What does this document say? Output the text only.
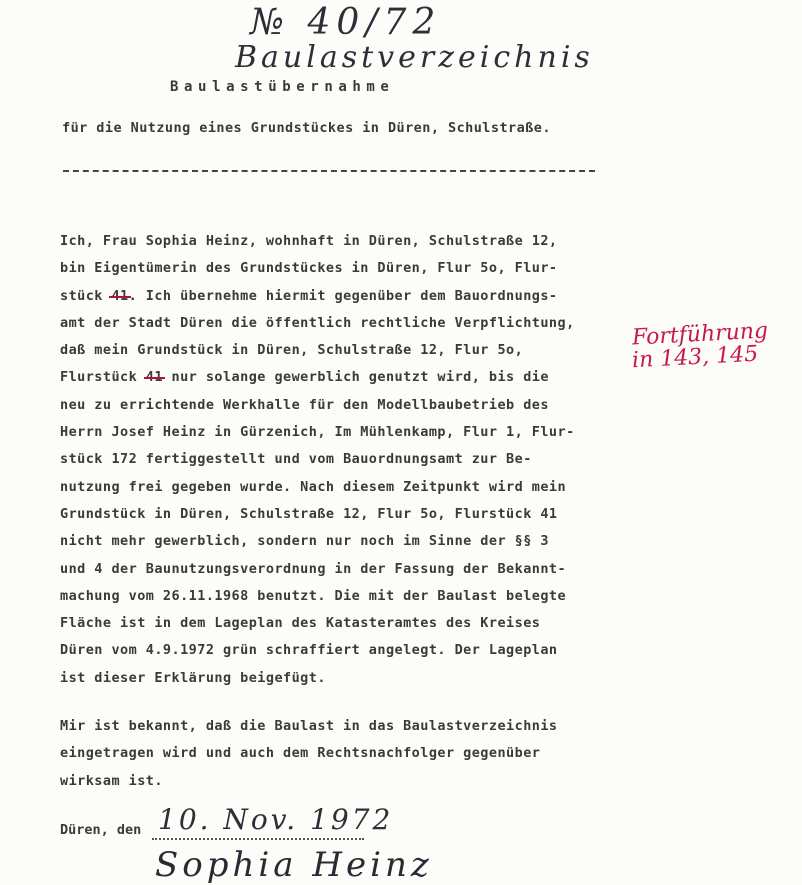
№ 40/72
Baulastverzeichnis
Baulastübernahme
für die Nutzung eines Grundstückes in Düren, Schulstraße.
Ich, Frau Sophia Heinz, wohnhaft in Düren, Schulstraße 12,
bin Eigentümerin des Grundstückes in Düren, Flur 5o, Flur-
stück 41. Ich übernehme hiermit gegenüber dem Bauordnungs-
amt der Stadt Düren die öffentlich rechtliche Verpflichtung,
daß mein Grundstück in Düren, Schulstraße 12, Flur 5o,
Flurstück 41 nur solange gewerblich genutzt wird, bis die
neu zu errichtende Werkhalle für den Modellbaubetrieb des
Herrn Josef Heinz in Gürzenich, Im Mühlenkamp, Flur 1, Flur-
stück 172 fertiggestellt und vom Bauordnungsamt zur Be-
nutzung frei gegeben wurde. Nach diesem Zeitpunkt wird mein
Grundstück in Düren, Schulstraße 12, Flur 5o, Flurstück 41
nicht mehr gewerblich, sondern nur noch im Sinne der §§ 3
und 4 der Baunutzungsverordnung in der Fassung der Bekannt-
machung vom 26.11.1968 benutzt. Die mit der Baulast belegte
Fläche ist in dem Lageplan des Katasteramtes des Kreises
Düren vom 4.9.1972 grün schraffiert angelegt. Der Lageplan
ist dieser Erklärung beigefügt.
Mir ist bekannt, daß die Baulast in das Baulastverzeichnis
eingetragen wird und auch dem Rechtsnachfolger gegenüber
wirksam ist.
Fortführung
in 143, 145
Düren, den 10. Nov. 1972
Sophia Heinz
